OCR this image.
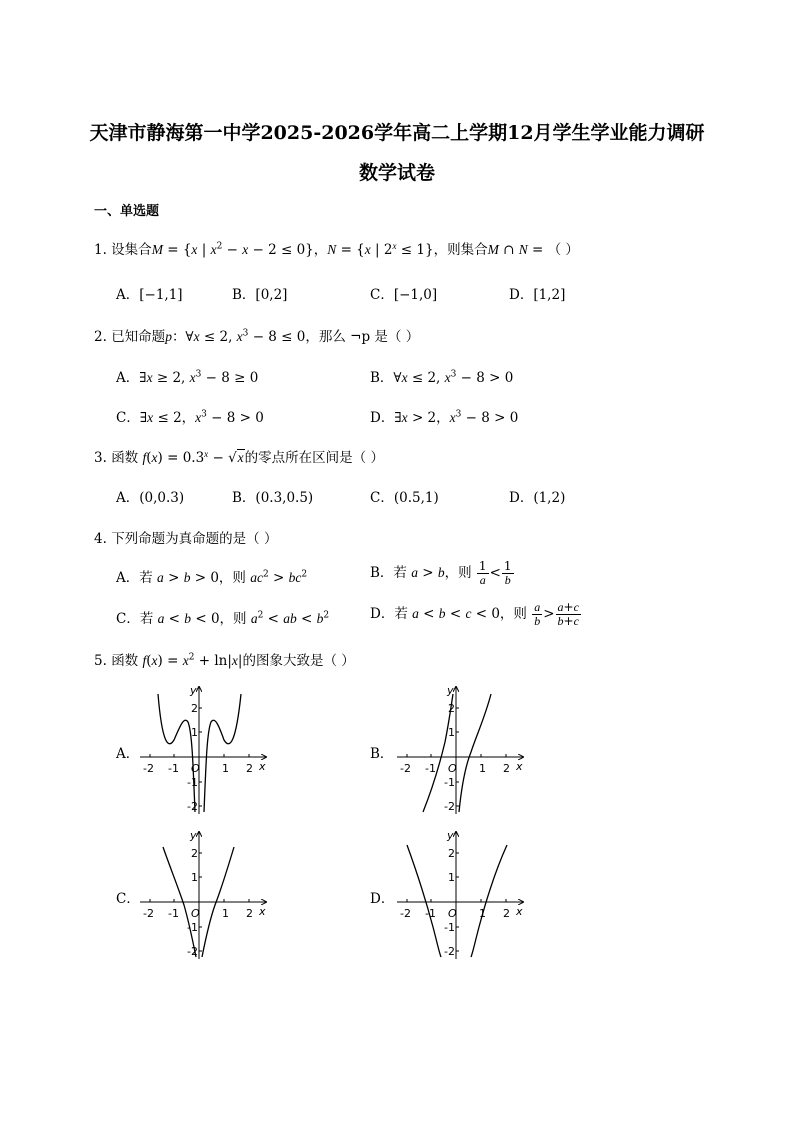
天津市静海第一中学2025-2026学年高二上学期12月学生学业能力调研
数学试卷
一、单选题
1. 设集合M = {x | $x^2 - x - 2 \le 0$}，N = {x | $2^x \le 1$}，则集合M ∩ N = （ ）
A．[−1,1]	B．[0,2]	C．[−1,0]	D．[1,2]
2. 已知命题p：∀x ≤ 2, $x^3 - 8 \le 0$，那么 ¬p 是（ ）
A．∃x ≥ 2, $x^3 - 8 \ge 0$	B．∀x ≤ 2, $x^3 - 8 > 0$
C．∃x ≤ 2，$x^3 - 8 > 0$	D．∃x > 2，$x^3 - 8 > 0$
3. 函数 $f(x) = 0.3^x - √x$的零点所在区间是（ ）
A．(0,0.3)	B．(0.3,0.5)	C．(0.5,1)	D．(1,2)
4. 下列命题为真命题的是（ ）
A．若 a > b > 0，则 $ac^2 > bc^2$	B．若 a > b，则 $\frac{1}{a} < \frac{1}{b}$
C．若 a < b < 0，则 $a^2$ < ab < $b^2$	D．若 a < b < c < 0，则 $\frac{a}{b} > \frac{a+c}{b+c}$
5. 函数 $f(x) = x^2 + \ln|x|$的图象大致是（ ）
A．	B．
C．	D．
-2 -1 O 1 2 x
y
2
1
-1
-2
-2 -1 O 1 2 x
y
2
1
-1
-2
-2 -1 O 1 2 x
y
2
1
-1
-2
-2 -1 O 1 2 x
y
2
1
-1
-2
